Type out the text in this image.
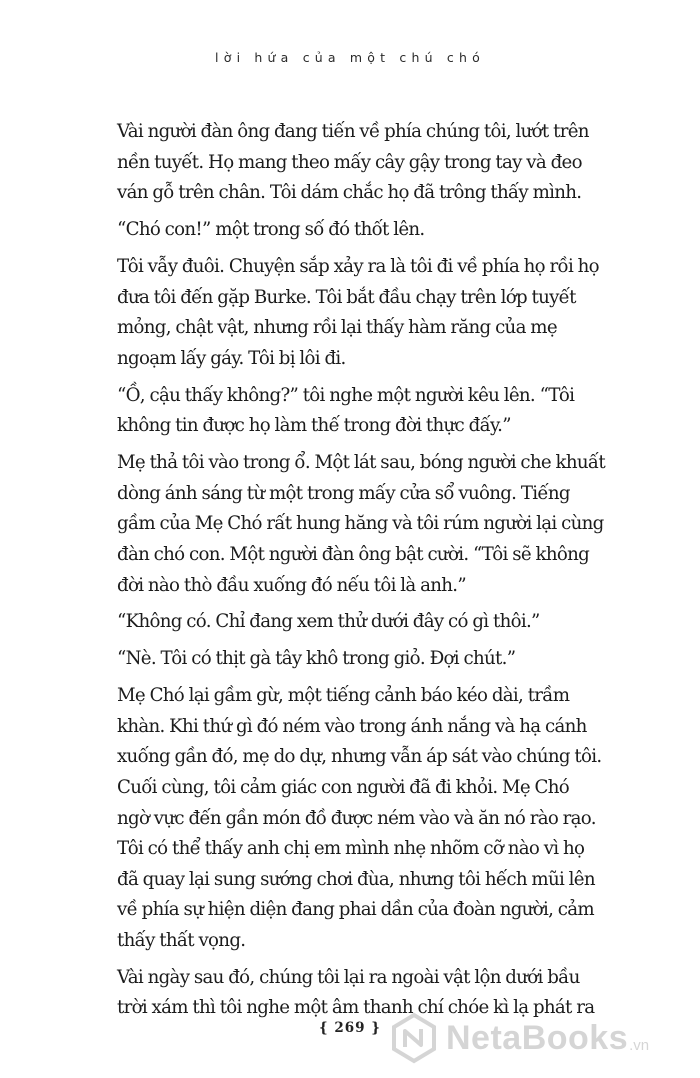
lời hứa của một chú chó

Vài người đàn ông đang tiến về phía chúng tôi, lướt trên nền tuyết. Họ mang theo mấy cây gậy trong tay và đeo ván gỗ trên chân. Tôi dám chắc họ đã trông thấy mình.

“Chó con!” một trong số đó thốt lên.

Tôi vẫy đuôi. Chuyện sắp xảy ra là tôi đi về phía họ rồi họ đưa tôi đến gặp Burke. Tôi bắt đầu chạy trên lớp tuyết mỏng, chật vật, nhưng rồi lại thấy hàm răng của mẹ ngoạm lấy gáy. Tôi bị lôi đi.

“Ồ, cậu thấy không?” tôi nghe một người kêu lên. “Tôi không tin được họ làm thế trong đời thực đấy.”

Mẹ thả tôi vào trong ổ. Một lát sau, bóng người che khuất dòng ánh sáng từ một trong mấy cửa sổ vuông. Tiếng gầm của Mẹ Chó rất hung hăng và tôi rúm người lại cùng đàn chó con. Một người đàn ông bật cười. “Tôi sẽ không đời nào thò đầu xuống đó nếu tôi là anh.”

“Không có. Chỉ đang xem thử dưới đây có gì thôi.”

“Nè. Tôi có thịt gà tây khô trong giỏ. Đợi chút.”

Mẹ Chó lại gầm gừ, một tiếng cảnh báo kéo dài, trầm khàn. Khi thứ gì đó ném vào trong ánh nắng và hạ cánh xuống gần đó, mẹ do dự, nhưng vẫn áp sát vào chúng tôi. Cuối cùng, tôi cảm giác con người đã đi khỏi. Mẹ Chó ngờ vực đến gần món đồ được ném vào và ăn nó rào rạo. Tôi có thể thấy anh chị em mình nhẹ nhõm cỡ nào vì họ đã quay lại sung sướng chơi đùa, nhưng tôi hếch mũi lên về phía sự hiện diện đang phai dần của đoàn người, cảm thấy thất vọng.

Vài ngày sau đó, chúng tôi lại ra ngoài vật lộn dưới bầu trời xám thì tôi nghe một âm thanh chí chóe kì lạ phát ra

{ 269 }	NetaBooks .vn
